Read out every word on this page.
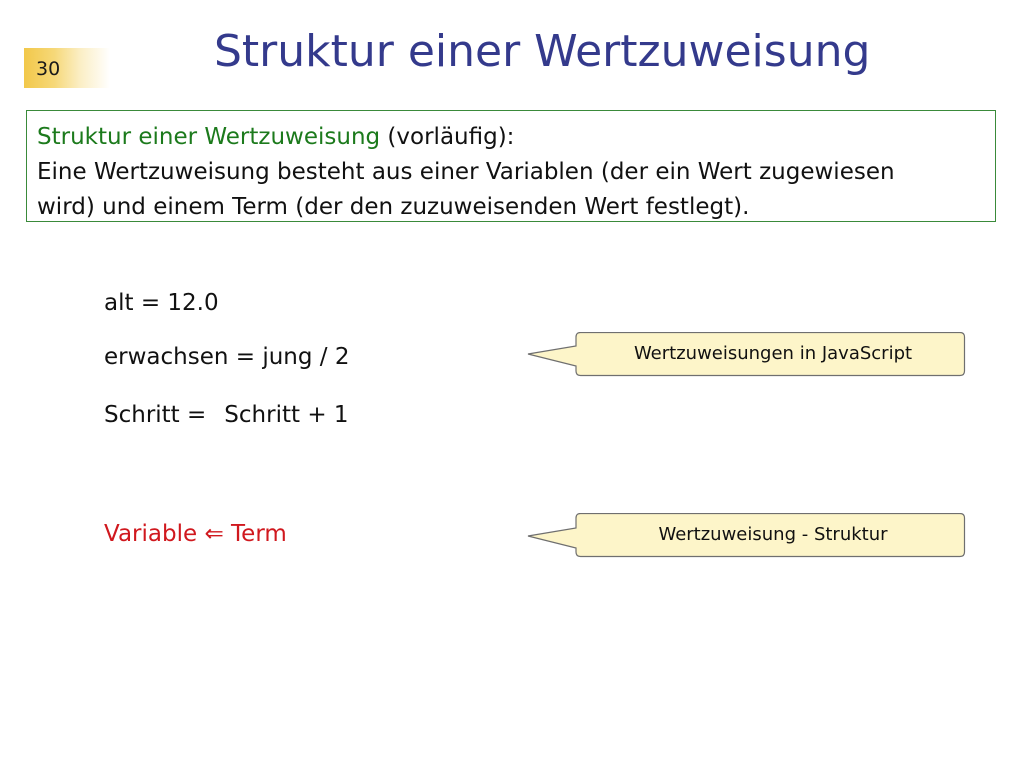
30	Struktur einer Wertzuweisung
Struktur einer Wertzuweisung (vorläufig):
Eine Wertzuweisung besteht aus einer Variablen (der ein Wert zugewiesen
wird) und einem Term (der den zuzuweisenden Wert festlegt).
alt = 12.0
erwachsen = jung / 2
Schritt = Schritt + 1
Variable ⇐ Term
Wertzuweisungen in JavaScript
Wertzuweisung - Struktur
